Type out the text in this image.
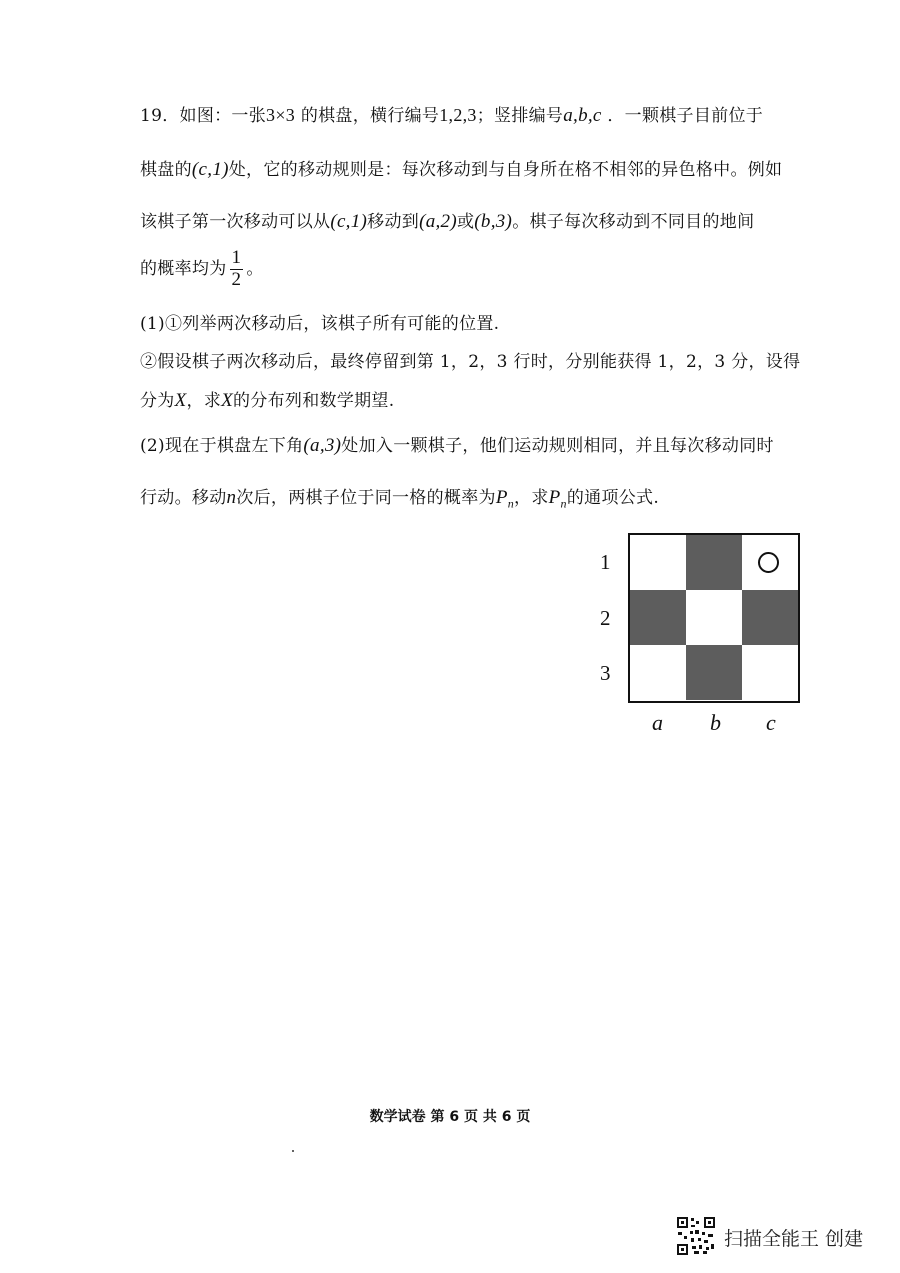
19．如图：一张3×3 的棋盘，横行编号1,2,3；竖排编号a,b,c ．一颗棋子目前位于
棋盘的(c,1)处，它的移动规则是：每次移动到与自身所在格不相邻的异色格中。例如
该棋子第一次移动可以从(c,1)移动到(a,2)或(b,3)。棋子每次移动到不同目的地间
的概率均为 $\frac{1}{2}$ 。
(1)①列举两次移动后，该棋子所有可能的位置.
②假设棋子两次移动后，最终停留到第 1，2，3 行时，分别能获得 1，2，3 分，设得
分为X，求X的分布列和数学期望.
(2)现在于棋盘左下角(a,3)处加入一颗棋子，他们运动规则相同，并且每次移动同时
行动。移动n次后，两棋子位于同一格的概率为$P_n$，求$P_n$的通项公式.
1
2
3
a b c
数学试卷 第 6 页 共 6 页
扫描全能王 创建
